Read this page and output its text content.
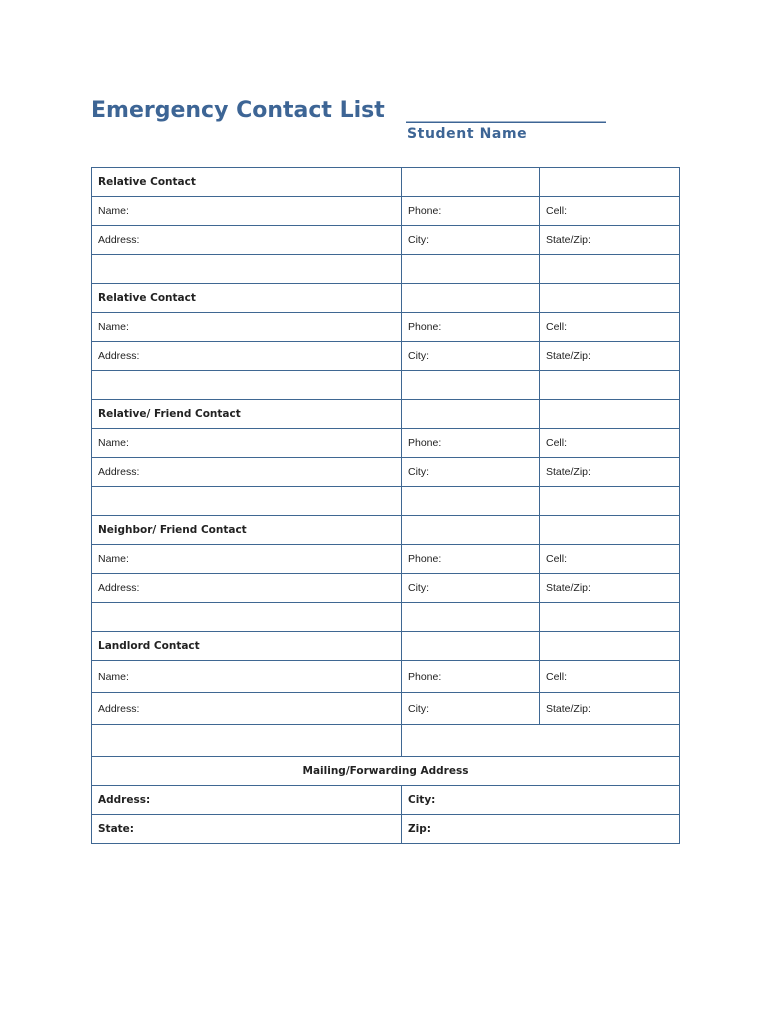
Emergency Contact List _________________________
Student Name
Relative Contact		
Name:	Phone:	Cell:
Address:	City:	State/Zip:

Relative Contact		
Name:	Phone:	Cell:
Address:	City:	State/Zip:

Relative/ Friend Contact		
Name:	Phone:	Cell:
Address:	City:	State/Zip:

Neighbor/ Friend Contact		
Name:	Phone:	Cell:
Address:	City:	State/Zip:

Landlord Contact		
Name:	Phone:	Cell:
Address:	City:	State/Zip:

Mailing/Forwarding Address		
Address:	City:	
State:	Zip:	
